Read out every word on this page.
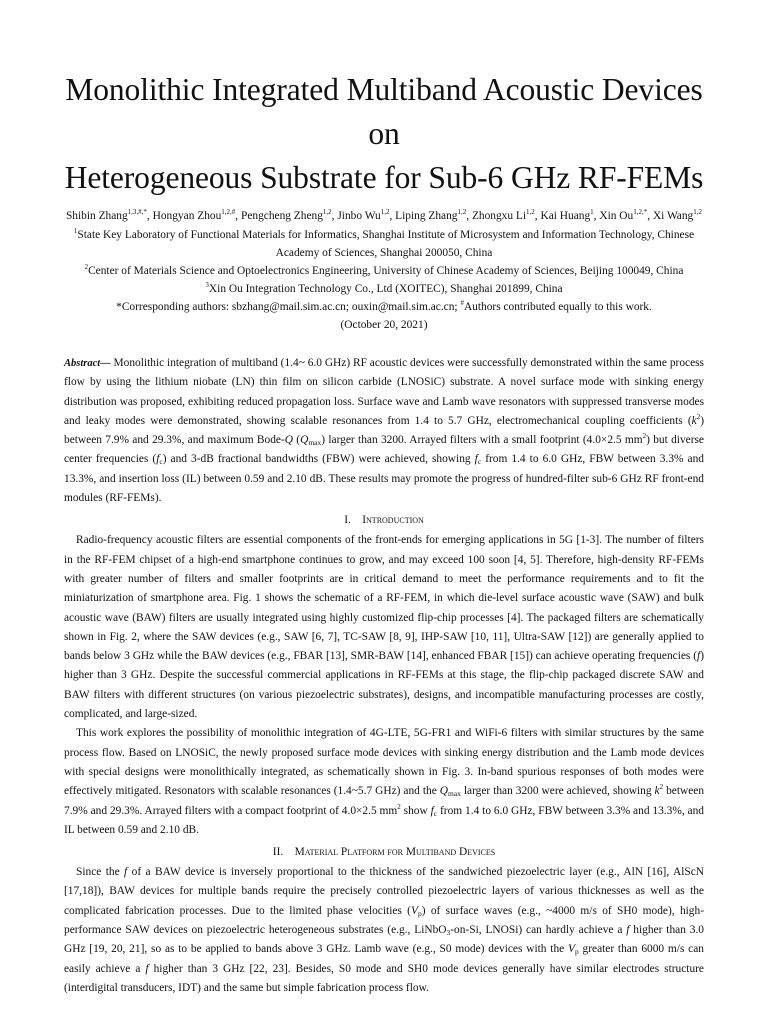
Monolithic Integrated Multiband Acoustic Devices on
Heterogeneous Substrate for Sub-6 GHz RF-FEMs
Shibin Zhang$^{1,3,\#,*}$, Hongyan Zhou$^{1,2,\#}$, Pengcheng Zheng$^{1,2}$, Jinbo Wu$^{1,2}$, Liping Zhang$^{1,2}$, Zhongxu Li$^{1,2}$, Kai Huang$^1$, Xin $Ou^{1,2,*}$, Xi Wang$^{1,2}$
$^1$State Key Laboratory of Functional Materials for Informatics, Shanghai Institute of Microsystem and Information Technology, Chinese
Academy of Sciences, Shanghai 200050, China
$^2$Center of Materials Science and Optoelectronics Engineering, University of Chinese Academy of Sciences, Beijing 100049, China
$^3$Xin Ou Integration Technology Co., Ltd (XOITEC), Shanghai 201899, China
*Corresponding authors: sbzhang@mail.sim.ac.cn; ouxin@mail.sim.ac.cn; #Authors contributed equally to this work.
(October 20, 2021)
Abstract— Monolithic integration of multiband (1.4~ 6.0 GHz) RF acoustic devices were successfully demonstrated within the same process flow by using the lithium niobate (LN) thin film on silicon carbide (LNOSiC) substrate. A novel surface mode with sinking energy distribution was proposed, exhibiting reduced propagation loss. Surface wave and Lamb wave resonators with suppressed transverse modes and leaky modes were demonstrated, showing scalable resonances from 1.4 to 5.7 GHz, electromechanical coupling coefficients $(k^2)$ between 7.9% and 29.3%, and maximum Bode-Q $(Q_{max})$ larger than 3200. Arrayed filters with a small footprint (4.0×2.5 $mm^2$) but diverse center frequencies $(f_c)$ and 3-dB fractional bandwidths (FBW) were achieved, showing $f_c$ from 1.4 to 6.0 GHz, FBW between 3.3% and 13.3%, and insertion loss (IL) between 0.59 and 2.10 dB. These results may promote the progress of hundred-filter sub-6 GHz RF front-end modules (RF-FEMs).
I. Introduction

Radio-frequency acoustic filters are essential components of the front-ends for emerging applications in 5G [1-3]. The number of filters in the RF-FEM chipset of a high-end smartphone continues to grow, and may exceed 100 soon [4, 5]. Therefore, high-density RF-FEMs with greater number of filters and smaller footprints are in critical demand to meet the performance requirements and to fit the miniaturization of smartphone area. Fig. 1 shows the schematic of a RF-FEM, in which die-level surface acoustic wave (SAW) and bulk acoustic wave (BAW) filters are usually integrated using highly customized flip-chip processes [4]. The packaged filters are schematically shown in Fig. 2, where the SAW devices (e.g., SAW [6, 7], TC-SAW [8, 9], IHP-SAW [10, 11], Ultra-SAW [12]) are generally applied to bands below 3 GHz while the BAW devices (e.g., FBAR [13], SMR-BAW [14], enhanced FBAR [15]) can achieve operating frequencies (f) higher than 3 GHz. Despite the successful commercial applications in RF-FEMs at this stage, the flip-chip packaged discrete SAW and BAW filters with different structures (on various piezoelectric substrates), designs, and incompatible manufacturing processes are costly, complicated, and large-sized.

This work explores the possibility of monolithic integration of 4G-LTE, 5G-FR1 and WiFi-6 filters with similar structures by the same process flow. Based on LNOSiC, the newly proposed surface mode devices with sinking energy distribution and the Lamb mode devices with special designs were monolithically integrated, as schematically shown in Fig. 3. In-band spurious responses of both modes were effectively mitigated. Resonators with scalable resonances (1.4~5.7 GHz) and the $Q_{max}$ larger than 3200 were achieved, showing $k^2$ between 7.9% and 29.3%. Arrayed filters with a compact footprint of 4.0×2.5 $mm^2$ show $f_c$ from 1.4 to 6.0 GHz, FBW between 3.3% and 13.3%, and IL between 0.59 and 2.10 dB.

II. Material Platform for Multiband Devices

Since the f of a BAW device is inversely proportional to the thickness of the sandwiched piezoelectric layer (e.g., AlN [16], AlScN [17,18]), BAW devices for multiple bands require the precisely controlled piezoelectric layers of various thicknesses as well as the complicated fabrication processes. Due to the limited phase velocities $(V_p)$ of surface waves (e.g., ~4000 m/s of SH0 mode), high-performance SAW devices on piezoelectric heterogeneous substrates (e.g., LiNbO$_3$-on-Si, LNOSi) can hardly achieve a f higher than 3.0 GHz [19, 20, 21], so as to be applied to bands above 3 GHz. Lamb wave (e.g., S0 mode) devices with the $V_p$ greater than 6000 m/s can easily achieve a f higher than 3 GHz [22, 23]. Besides, S0 mode and SH0 mode devices generally have similar electrodes structure (interdigital transducers, IDT) and the same but simple fabrication process flow.
